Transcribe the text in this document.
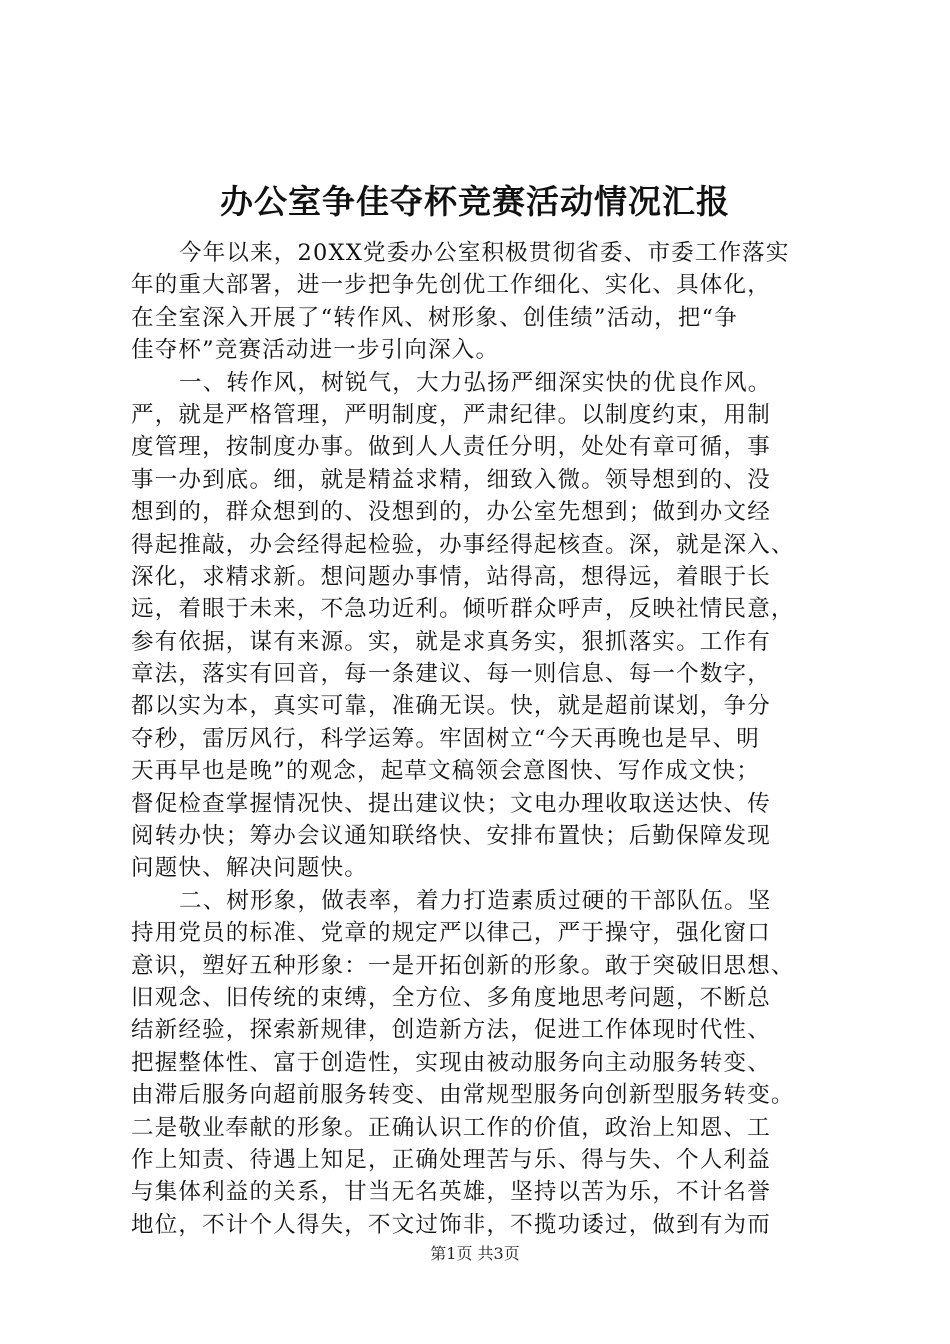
办公室争佳夺杯竞赛活动情况汇报
今年以来，20XX党委办公室积极贯彻省委、市委工作落实
年的重大部署，进一步把争先创优工作细化、实化、具体化，
在全室深入开展了“转作风、树形象、创佳绩”活动，把“争
佳夺杯”竞赛活动进一步引向深入。
一、转作风，树锐气，大力弘扬严细深实快的优良作风。
严，就是严格管理，严明制度，严肃纪律。以制度约束，用制
度管理，按制度办事。做到人人责任分明，处处有章可循，事
事一办到底。细，就是精益求精，细致入微。领导想到的、没
想到的，群众想到的、没想到的，办公室先想到；做到办文经
得起推敲，办会经得起检验，办事经得起核查。深，就是深入、
深化，求精求新。想问题办事情，站得高，想得远，着眼于长
远，着眼于未来，不急功近利。倾听群众呼声，反映社情民意，
参有依据，谋有来源。实，就是求真务实，狠抓落实。工作有
章法，落实有回音，每一条建议、每一则信息、每一个数字，
都以实为本，真实可靠，准确无误。快，就是超前谋划，争分
夺秒，雷厉风行，科学运筹。牢固树立“今天再晚也是早、明
天再早也是晚”的观念，起草文稿领会意图快、写作成文快；
督促检查掌握情况快、提出建议快；文电办理收取送达快、传
阅转办快；筹办会议通知联络快、安排布置快；后勤保障发现
问题快、解决问题快。
二、树形象，做表率，着力打造素质过硬的干部队伍。坚
持用党员的标准、党章的规定严以律己，严于操守，强化窗口
意识，塑好五种形象：一是开拓创新的形象。敢于突破旧思想、
旧观念、旧传统的束缚，全方位、多角度地思考问题，不断总
结新经验，探索新规律，创造新方法，促进工作体现时代性、
把握整体性、富于创造性，实现由被动服务向主动服务转变、
由滞后服务向超前服务转变、由常规型服务向创新型服务转变。
二是敬业奉献的形象。正确认识工作的价值，政治上知恩、工
作上知责、待遇上知足，正确处理苦与乐、得与失、个人利益
与集体利益的关系，甘当无名英雄，坚持以苦为乐，不计名誉
地位，不计个人得失，不文过饰非，不揽功诿过，做到有为而
第1页 共3页
